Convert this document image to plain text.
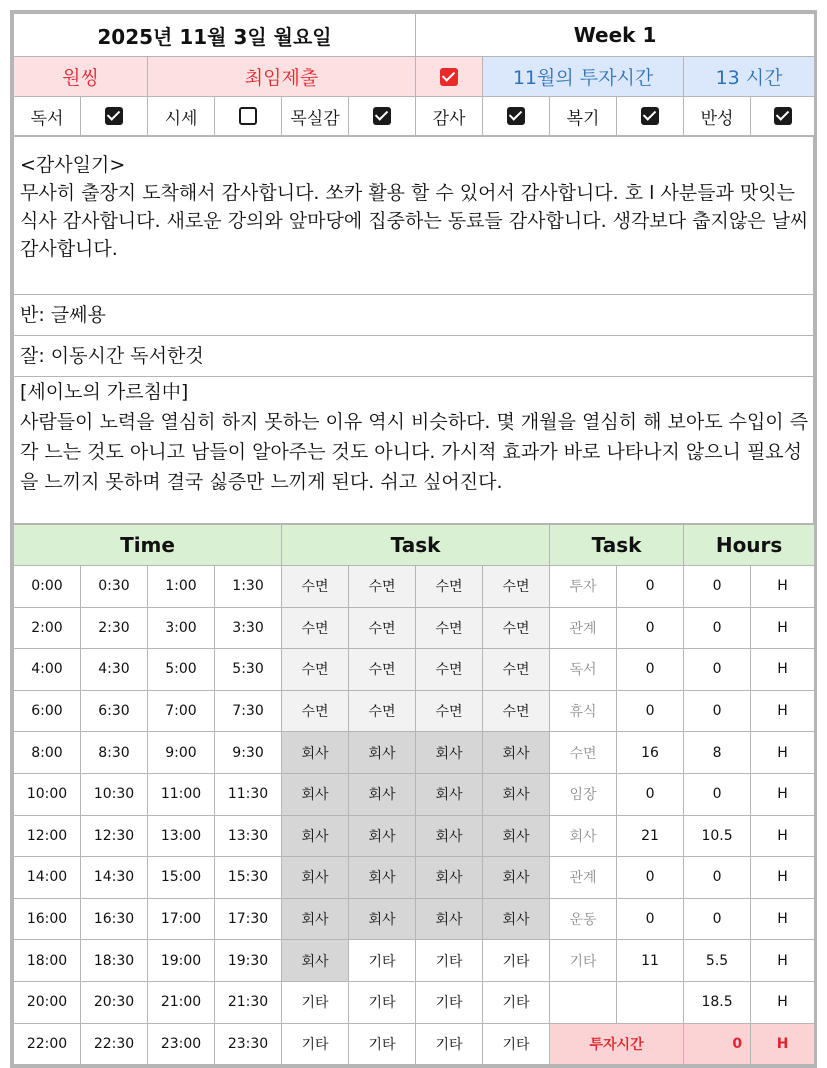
2025년 11월 3일 월요일						Week 1					
원씽		최임제출					11월의 투자시간			13 시간	
독서		시세		목실감		감사		복기		반성	
<감사일기>
무사히 출장지 도착해서 감사합니다. 쏘카 활용 할 수 있어서 감사합니다. 호 l 사분들과 맛잇는 식사 감사합니다. 새로운 강의와 앞마당에 집중하는 동료들 감사합니다. 생각보다 춥지않은 날씨 감사합니다.

반: 글쎄용
잘: 이동시간 독서한것

[세이노의 가르침中]
사람들이 노력을 열심히 하지 못하는 이유 역시 비슷하다. 몇 개월을 열심히 해 보아도 수입이 즉각 느는 것도 아니고 남들이 알아주는 것도 아니다. 가시적 효과가 바로 나타나지 않으니 필요성을 느끼지 못하며 결국 싫증만 느끼게 된다. 쉬고 싶어진다.
Time				Task				Task		Hours	
0:00	0:30	1:00	1:30	수면	수면	수면	수면	투자	0	0	H
2:00	2:30	3:00	3:30	수면	수면	수면	수면	관계	0	0	H
4:00	4:30	5:00	5:30	수면	수면	수면	수면	독서	0	0	H
6:00	6:30	7:00	7:30	수면	수면	수면	수면	휴식	0	0	H
8:00	8:30	9:00	9:30	회사	회사	회사	회사	수면	16	8	H
10:00	10:30	11:00	11:30	회사	회사	회사	회사	임장	0	0	H
12:00	12:30	13:00	13:30	회사	회사	회사	회사	회사	21	10.5	H
14:00	14:30	15:00	15:30	회사	회사	회사	회사	관계	0	0	H
16:00	16:30	17:00	17:30	회사	회사	회사	회사	운동	0	0	H
18:00	18:30	19:00	19:30	회사	기타	기타	기타	기타	11	5.5	H
20:00	20:30	21:00	21:30	기타	기타	기타	기타			18.5	H
22:00	22:30	23:00	23:30	기타	기타	기타	기타	투자시간		0	H
